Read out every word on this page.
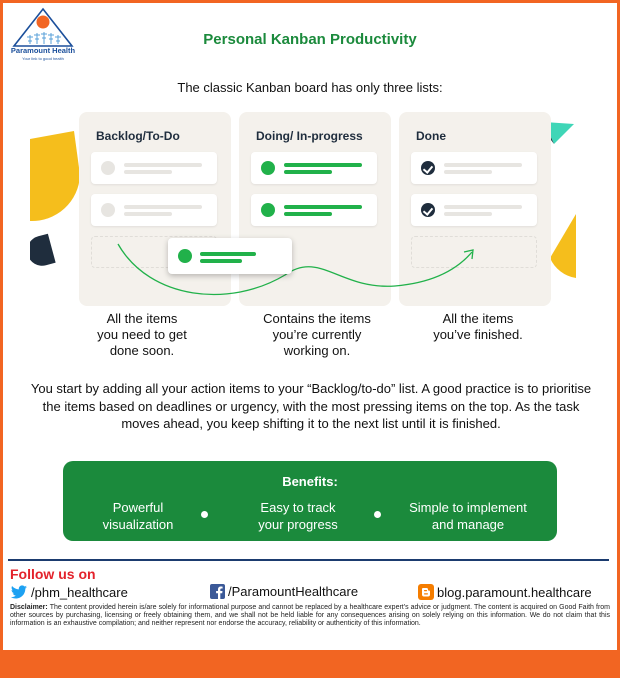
Paramount Health
Your link to good health
Personal Kanban Productivity
The classic Kanban board has only three lists:
Backlog/To-Do	Doing/ In-progress	Done
All the items
you need to get
done soon.
Contains the items
you’re currently
working on.
All the items
you’ve finished.
You start by adding all your action items to your “Backlog/to-do” list. A good practice is to prioritise the items based on deadlines or urgency, with the most pressing items on the top. As the task moves ahead, you keep shifting it to the next list until it is finished.
Benefits:
Powerful
visualization
Easy to track
your progress
Simple to implement
and manage
Follow us on
/phm_healthcare	/ParamountHealthcare	blog.paramount.healthcare
Disclaimer: The content provided herein is/are solely for informational purpose and cannot be replaced by a healthcare expert's advice or judgment. The content is acquired on Good Faith from other sources by purchasing, licensing or freely obtaining them, and we shall not be held liable for any consequences arising on solely relying on this information. We do not claim that this information is an exhaustive compilation; and neither represent nor endorse the accuracy, reliability or authenticity of this information.
